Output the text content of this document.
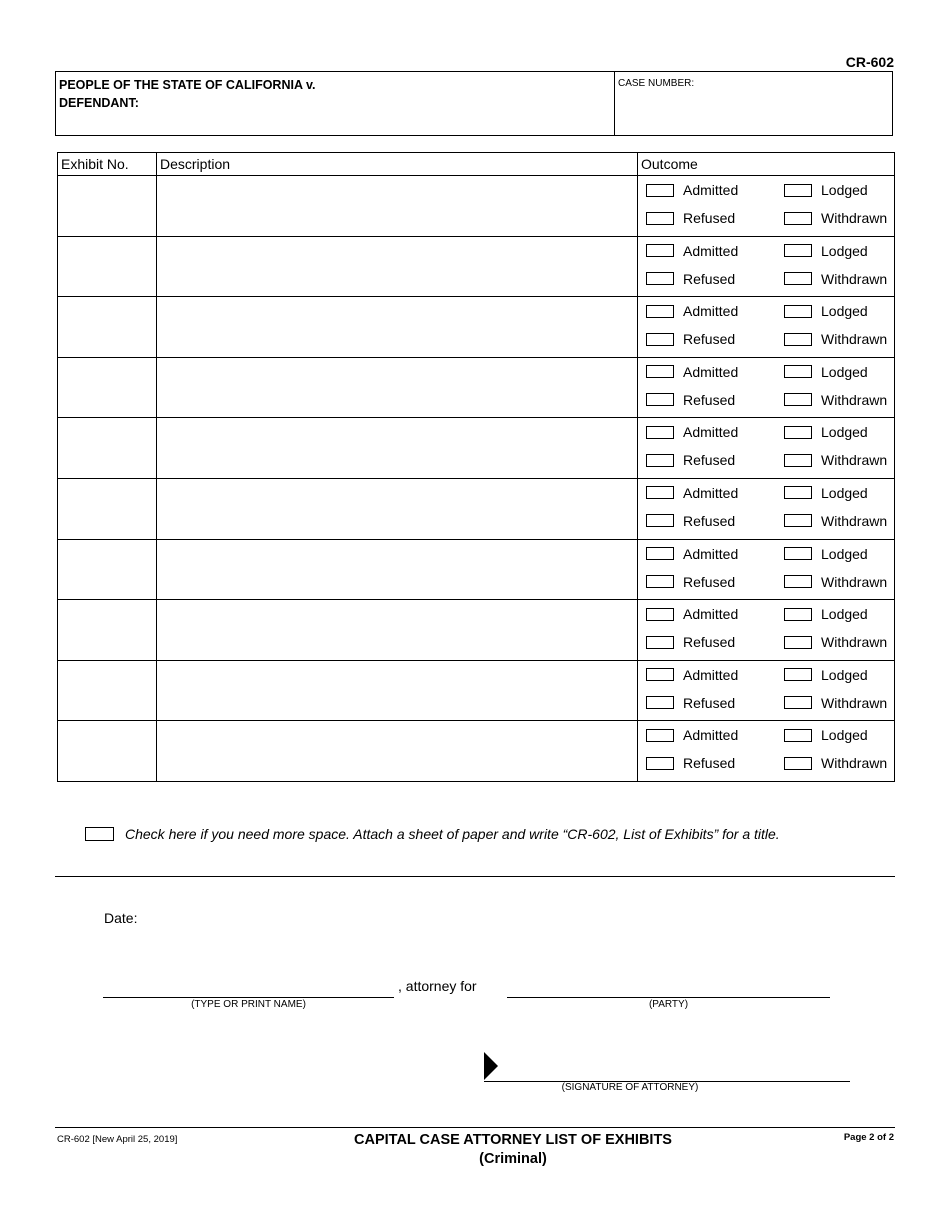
CR-602
PEOPLE OF THE STATE OF CALIFORNIA v.
DEFENDANT:
CASE NUMBER:
Exhibit No.	Description	Outcome

		Admitted Lodged
Refused Withdrawn

		Admitted Lodged
Refused Withdrawn

		Admitted Lodged
Refused Withdrawn

		Admitted Lodged
Refused Withdrawn

		Admitted Lodged
Refused Withdrawn

		Admitted Lodged
Refused Withdrawn

		Admitted Lodged
Refused Withdrawn

		Admitted Lodged
Refused Withdrawn

		Admitted Lodged
Refused Withdrawn

		Admitted Lodged
Refused Withdrawn
Check here if you need more space. Attach a sheet of paper and write “CR-602, List of Exhibits” for a title.
Date:
(TYPE OR PRINT NAME)
, attorney for
(PARTY)
(SIGNATURE OF ATTORNEY)
CR-602 [New April 25, 2019]	CAPITAL CASE ATTORNEY LIST OF EXHIBITS
(Criminal)
Page 2 of 2
